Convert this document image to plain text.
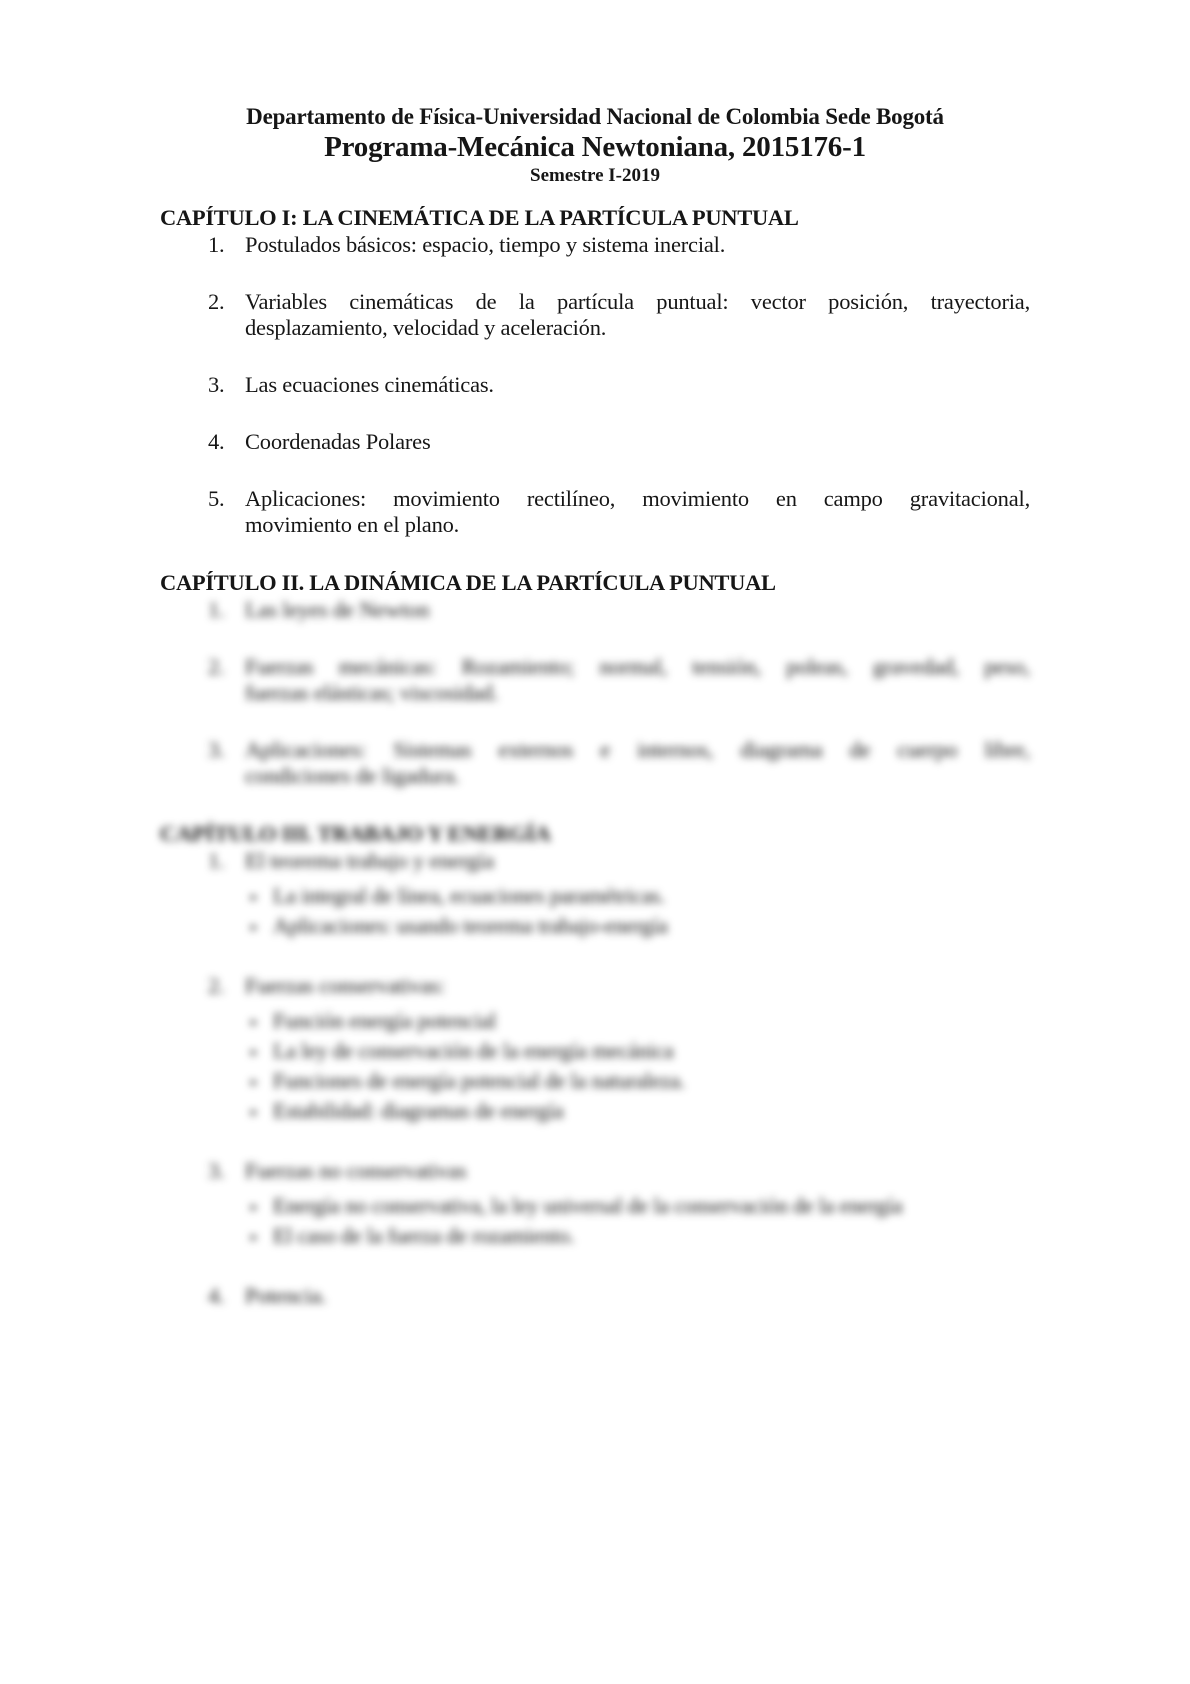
Departamento de Física-Universidad Nacional de Colombia Sede Bogotá
Programa-Mecánica Newtoniana, 2015176-1
Semestre I-2019
CAPÍTULO I: LA CINEMÁTICA DE LA PARTÍCULA PUNTUAL
1. Postulados básicos: espacio, tiempo y sistema inercial.
2. Variables cinemáticas de la partícula puntual: vector posición, trayectoria,
desplazamiento, velocidad y aceleración.
3. Las ecuaciones cinemáticas.
4. Coordenadas Polares
5. Aplicaciones: movimiento rectilíneo, movimiento en campo gravitacional,
movimiento en el plano.
CAPÍTULO II. LA DINÁMICA DE LA PARTÍCULA PUNTUAL
1. Las leyes de Newton
2. Fuerzas mecánicas: Rozamiento; normal, tensión, poleas, gravedad, peso,
fuerzas elásticas; viscosidad.
3. Aplicaciones: Sistemas externos e internos, diagrama de cuerpo libre,
condiciones de ligadura.
CAPÍTULO III. TRABAJO Y ENERGÍA
1. El teorema trabajo y energía
▸ La integral de línea, ecuaciones paramétricas.
▸ Aplicaciones: usando teorema trabajo-energía
2. Fuerzas conservativas:
▸ Función energía potencial
▸ La ley de conservación de la energía mecánica
▸ Funciones de energía potencial de la naturaleza.
▸ Estabilidad: diagramas de energía
3. Fuerzas no conservativas
▸ Energía no conservativa, la ley universal de la conservación de la energía
▸ El caso de la fuerza de rozamiento.
4. Potencia.
